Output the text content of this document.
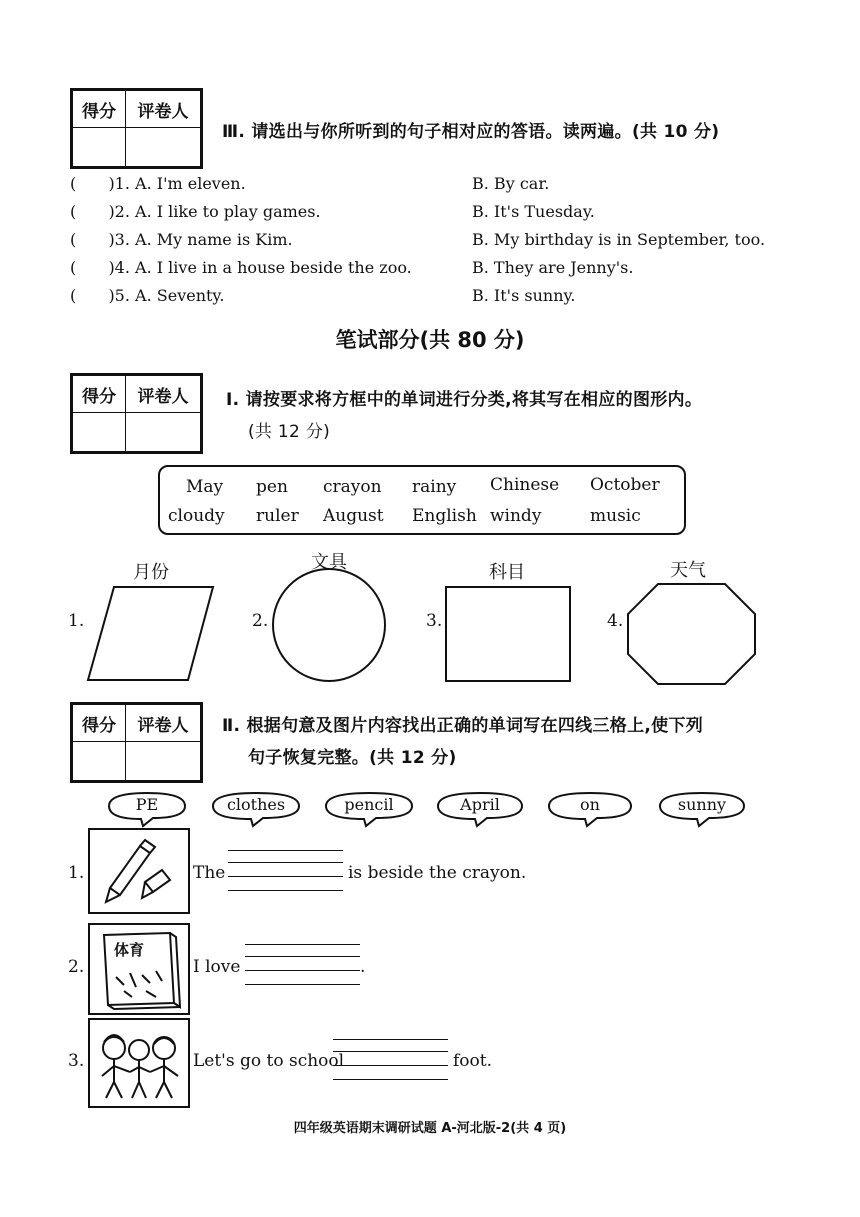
得分	评卷人

Ⅲ. 请选出与你所听到的句子相对应的答语。读两遍。(共 10 分)
( )1. A. I'm eleven.	B. By car.
( )2. A. I like to play games.	B. It's Tuesday.
( )3. A. My name is Kim.	B. My birthday is in September, too.
( )4. A. I live in a house beside the zoo.	B. They are Jenny's.
( )5. A. Seventy.	B. It's sunny.
笔试部分(共 80 分)
得分	评卷人
	Ⅰ. 请按要求将方框中的单词进行分类,将其写在相应的图形内。
(共 12 分)
May pen crayon rainy Chinese October
cloudy ruler August English windy	music
月份	文具	科目	天气
1.	2.	3.	4.
得分	评卷人
	Ⅱ. 根据句意及图片内容找出正确的单词写在四线三格上,使下列
句子恢复完整。(共 12 分)
PE	clothes	pencil	April	on	sunny
1.	The	is beside the crayon.
2.
体育
I love	.
3.	Let's go to school	foot.
四年级英语期末调研试题 A-河北版-2(共 4 页)
